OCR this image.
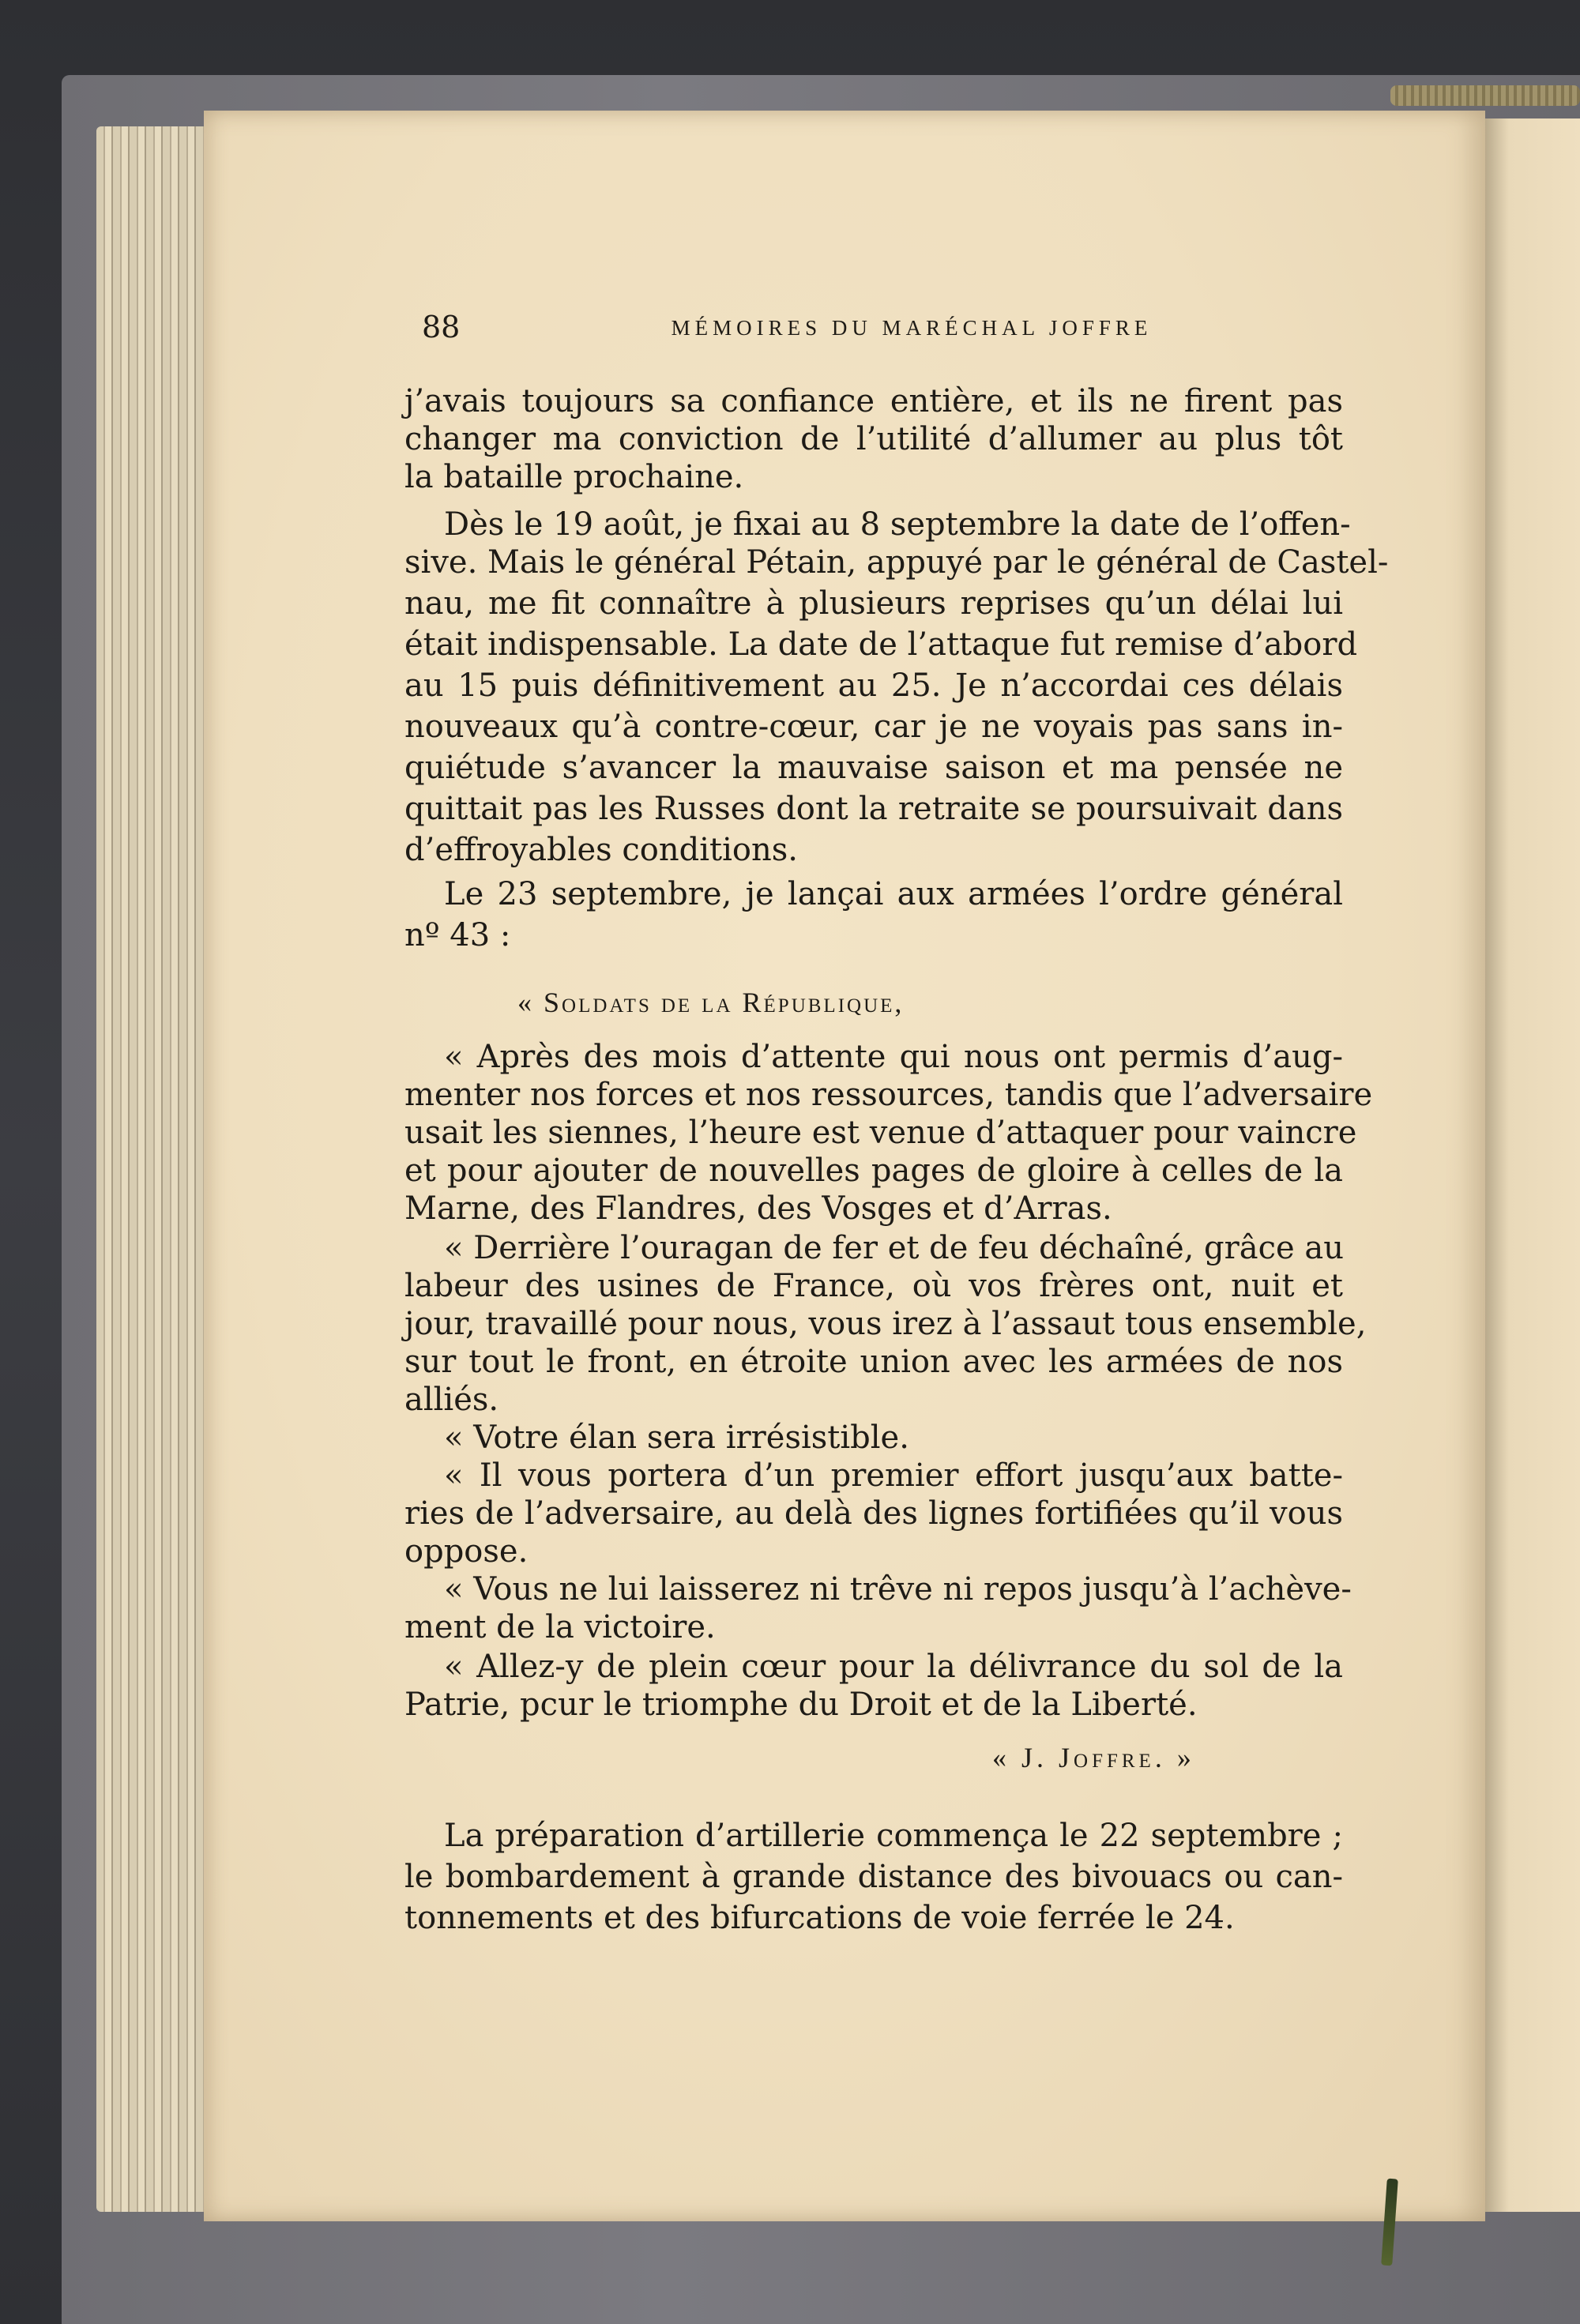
88	MÉMOIRES DU MARÉCHAL JOFFRE
j’avais toujours sa confiance entière, et ils ne firent pas
changer ma conviction de l’utilité d’allumer au plus tôt
la bataille prochaine.
Dès le 19 août, je fixai au 8 septembre la date de l’offen-
sive. Mais le général Pétain, appuyé par le général de Castel-
nau, me fit connaître à plusieurs reprises qu’un délai lui
était indispensable. La date de l’attaque fut remise d’abord
au 15 puis définitivement au 25. Je n’accordai ces délais
nouveaux qu’à contre-cœur, car je ne voyais pas sans in-
quiétude s’avancer la mauvaise saison et ma pensée ne
quittait pas les Russes dont la retraite se poursuivait dans
d’effroyables conditions.
Le 23 septembre, je lançai aux armées l’ordre général
nº 43 :
« Soldats de la République,
« Après des mois d’attente qui nous ont permis d’aug-
menter nos forces et nos ressources, tandis que l’adversaire
usait les siennes, l’heure est venue d’attaquer pour vaincre
et pour ajouter de nouvelles pages de gloire à celles de la
Marne, des Flandres, des Vosges et d’Arras.
« Derrière l’ouragan de fer et de feu déchaîné, grâce au
labeur des usines de France, où vos frères ont, nuit et
jour, travaillé pour nous, vous irez à l’assaut tous ensemble,
sur tout le front, en étroite union avec les armées de nos
alliés.
« Votre élan sera irrésistible.
« Il vous portera d’un premier effort jusqu’aux batte-
ries de l’adversaire, au delà des lignes fortifiées qu’il vous
oppose.
« Vous ne lui laisserez ni trêve ni repos jusqu’à l’achève-
ment de la victoire.
« Allez-y de plein cœur pour la délivrance du sol de la
Patrie, pcur le triomphe du Droit et de la Liberté.
« J. Joffre. »
La préparation d’artillerie commença le 22 septembre ;
le bombardement à grande distance des bivouacs ou can-
tonnements et des bifurcations de voie ferrée le 24.
